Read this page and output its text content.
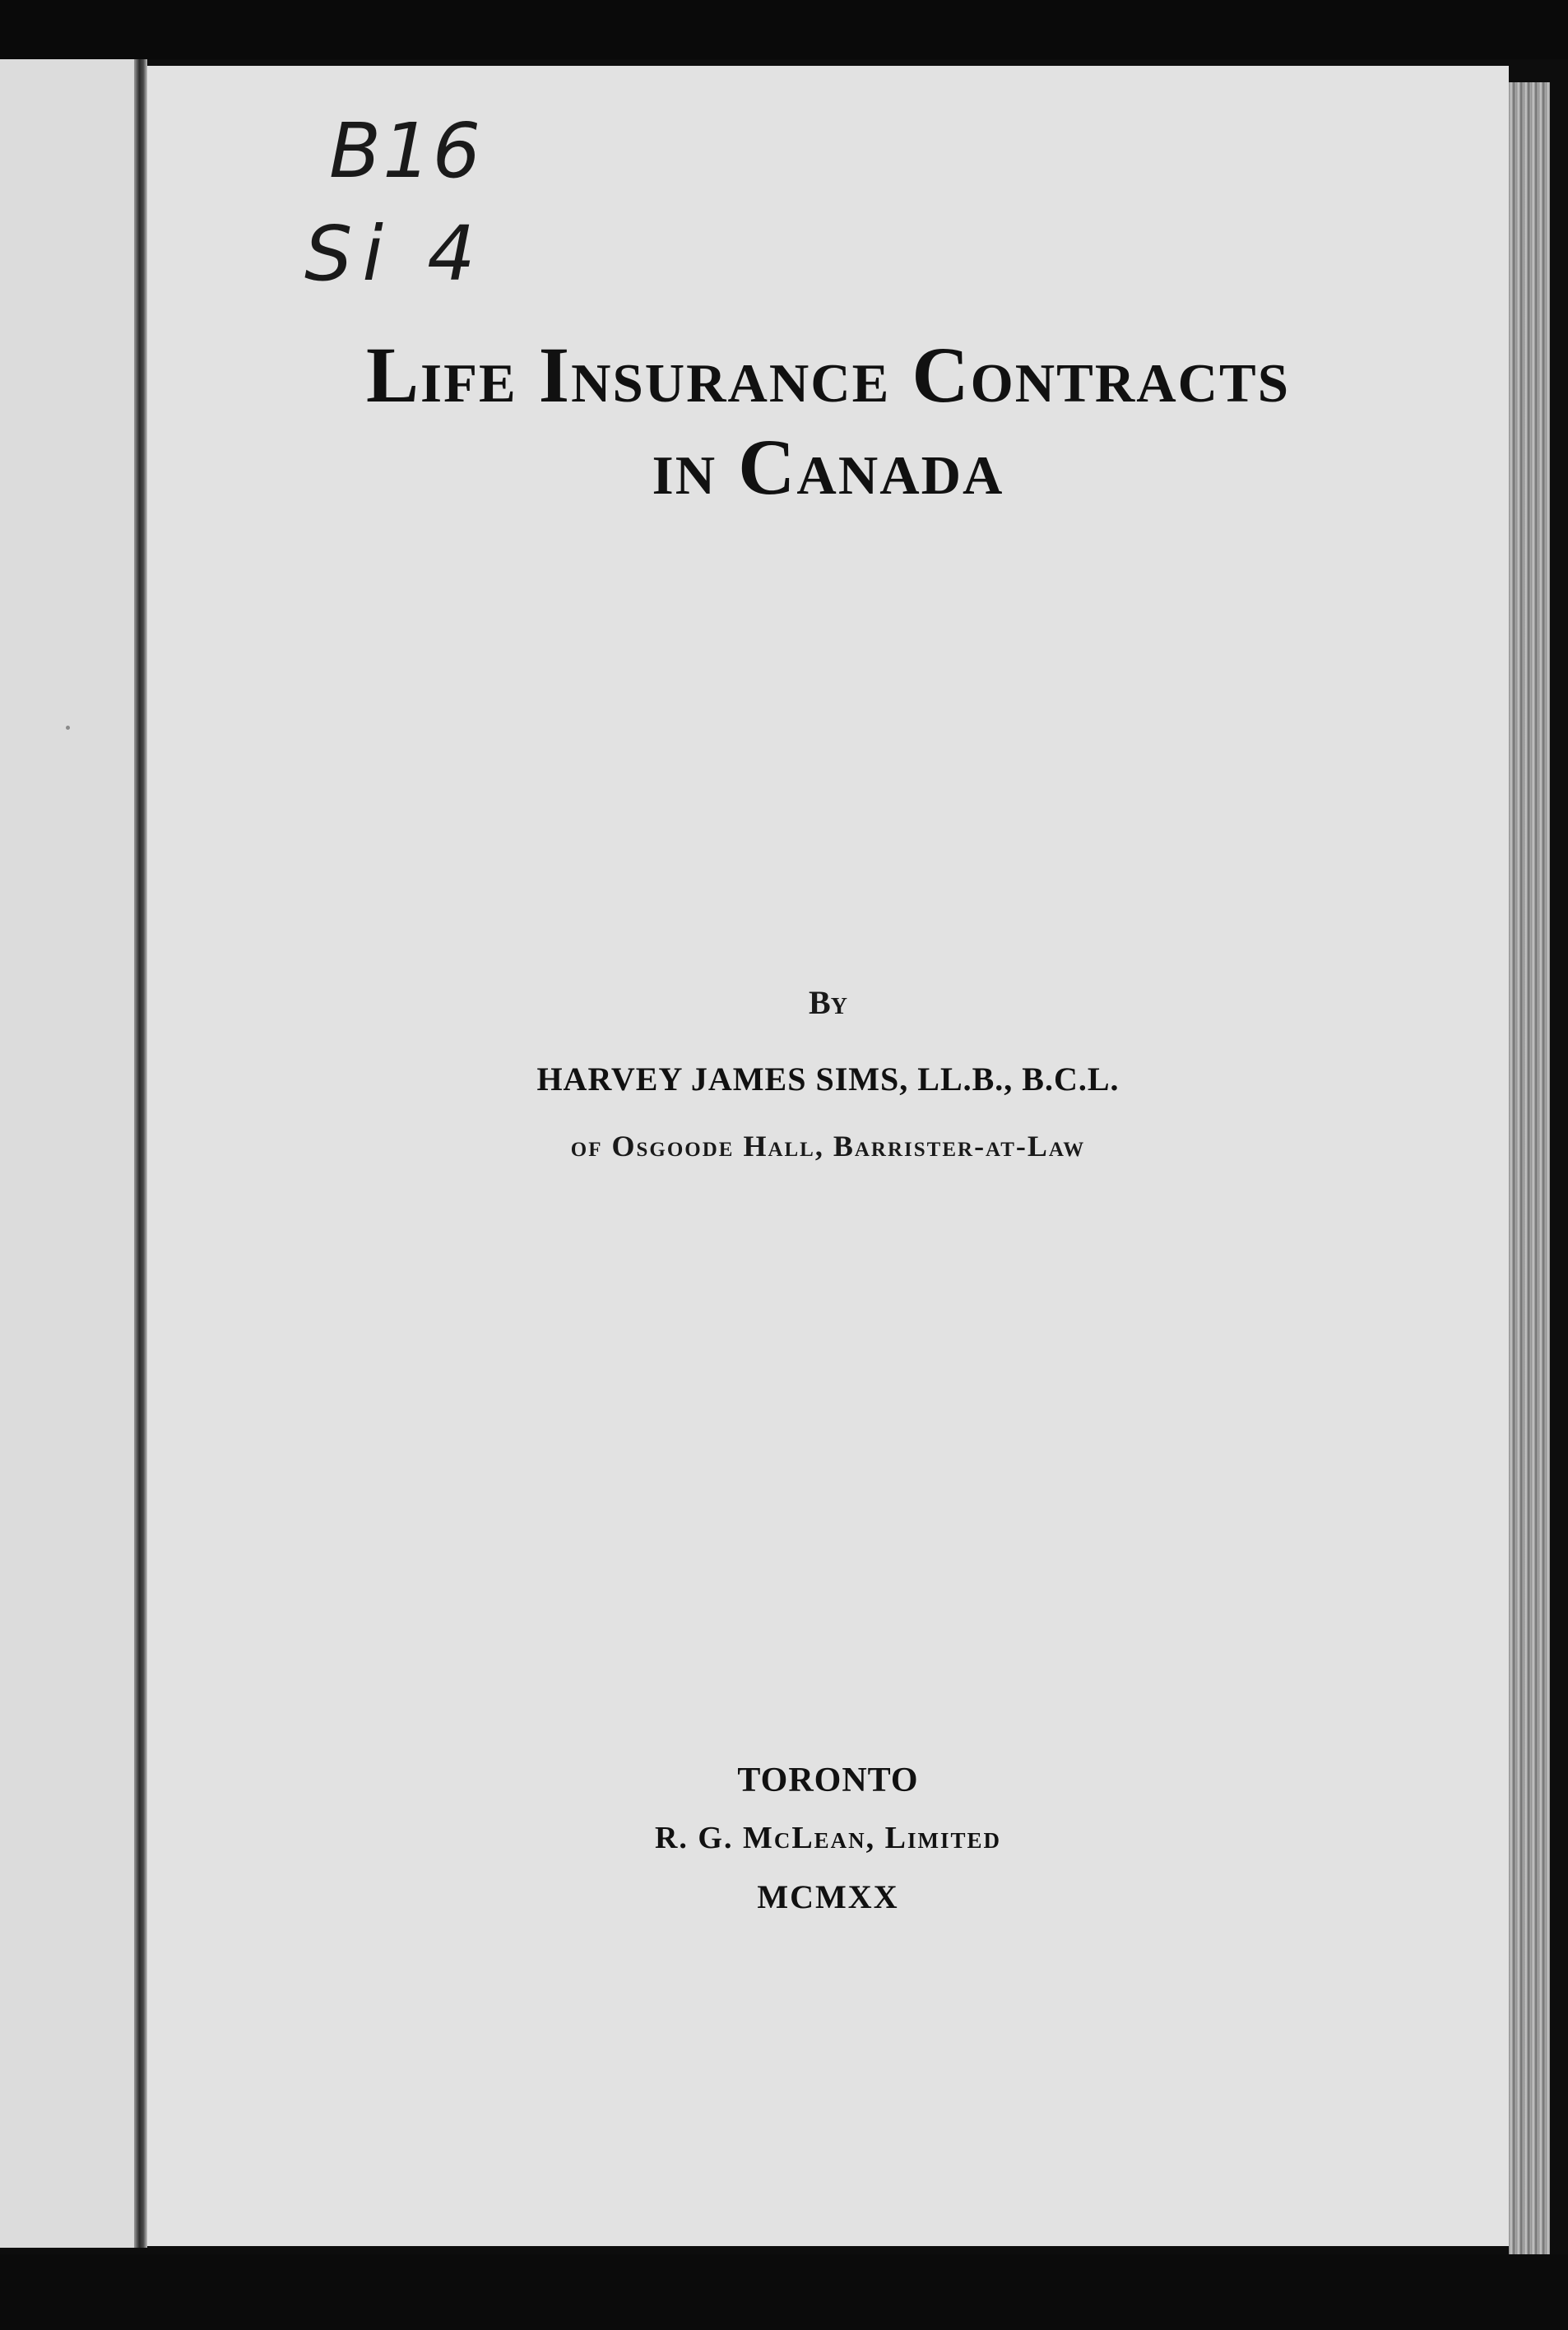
B16
Si 4
Life Insurance Contracts
in Canada
By
HARVEY JAMES SIMS, LL.B., B.C.L.
of Osgoode Hall, Barrister-at-Law
TORONTO
R. G. McLean, Limited
MCMXX
